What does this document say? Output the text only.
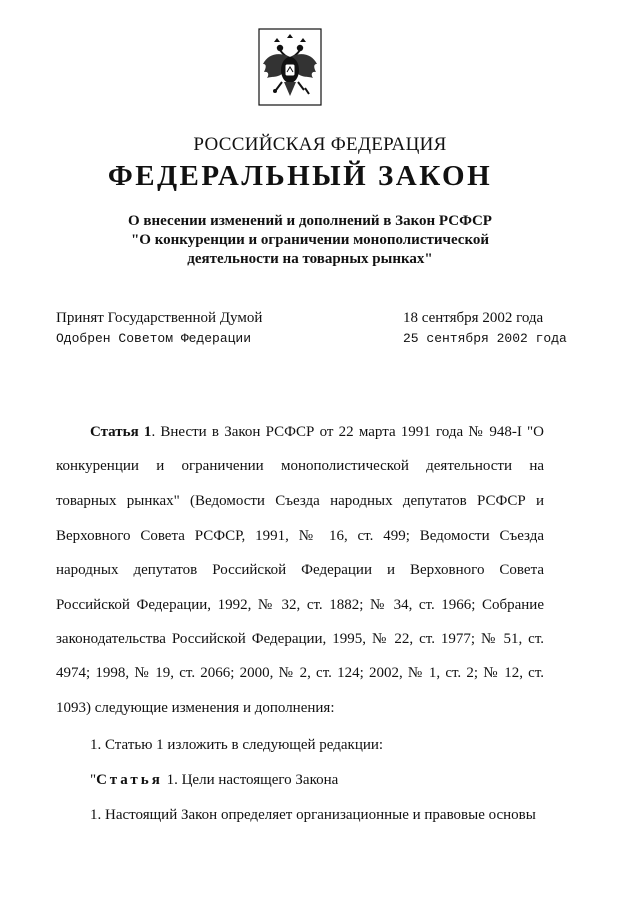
РОССИЙСКАЯ ФЕДЕРАЦИЯ
ФЕДЕРАЛЬНЫЙ ЗАКОН
О внесении изменений и дополнений в Закон РСФСР
"О конкуренции и ограничении монополистической
деятельности на товарных рынках"
Принят Государственной Думой	18 сентября 2002 года
Одобрен Советом Федерации	25 сентября 2002 года
Статья 1. Внести в Закон РСФСР от 22 марта 1991 года № 948-I "О
конкуренции и ограничении монополистической деятельности на
товарных рынках" (Ведомости Съезда народных депутатов РСФСР и
Верховного Совета РСФСР, 1991, № 16, ст. 499; Ведомости Съезда
народных депутатов Российской Федерации и Верховного Совета
Российской Федерации, 1992, № 32, ст. 1882; № 34, ст. 1966; Собрание
законодательства Российской Федерации, 1995, № 22, ст. 1977; № 51, ст.
4974; 1998, № 19, ст. 2066; 2000, № 2, ст. 124; 2002, № 1, ст. 2; № 12, ст.
1093) следующие изменения и дополнения:
1. Статью 1 изложить в следующей редакции:
"Статья 1. Цели настоящего Закона
1. Настоящий Закон определяет организационные и правовые основы
